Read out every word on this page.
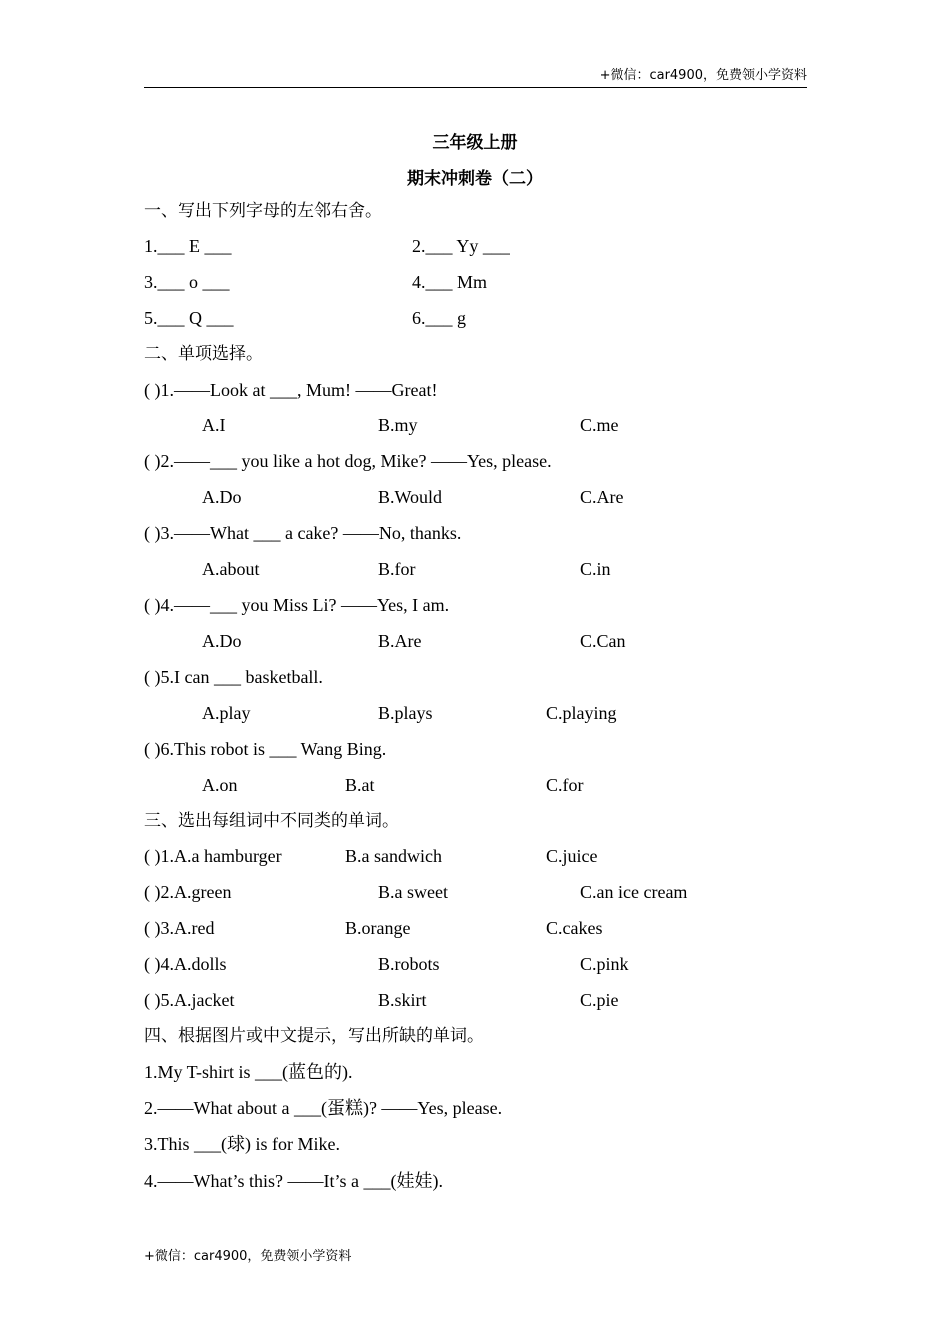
+微信：car4900，免费领小学资料
三年级上册
期末冲刺卷（二）
一、写出下列字母的左邻右舍。
1.___ E ___	2.___ Yy ___
3.___ o ___	4.___ Mm
5.___ Q ___	6.___ g
二、单项选择。
( )1.——Look at ___, Mum! ——Great!
A.I	B.my	C.me
( )2.——___ you like a hot dog, Mike? ——Yes, please.
A.Do	B.Would	C.Are
( )3.——What ___ a cake? ——No, thanks.
A.about	B.for	C.in
( )4.——___ you Miss Li? ——Yes, I am.
A.Do	B.Are	C.Can
( )5.I can ___ basketball.
A.play	B.plays	C.playing
( )6.This robot is ___ Wang Bing.
A.on	B.at	C.for
三、选出每组词中不同类的单词。
( )1.A.a hamburger	B.a sandwich	C.juice
( )2.A.green	B.a sweet	C.an ice cream
( )3.A.red	B.orange	C.cakes
( )4.A.dolls	B.robots	C.pink
( )5.A.jacket	B.skirt	C.pie
四、根据图片或中文提示，写出所缺的单词。
1.My T-shirt is ___(蓝色的).
2.——What about a ___(蛋糕)? ——Yes, please.
3.This ___(球) is for Mike.
4.——What’s this? ——It’s a ___(娃娃).
+微信：car4900，免费领小学资料
